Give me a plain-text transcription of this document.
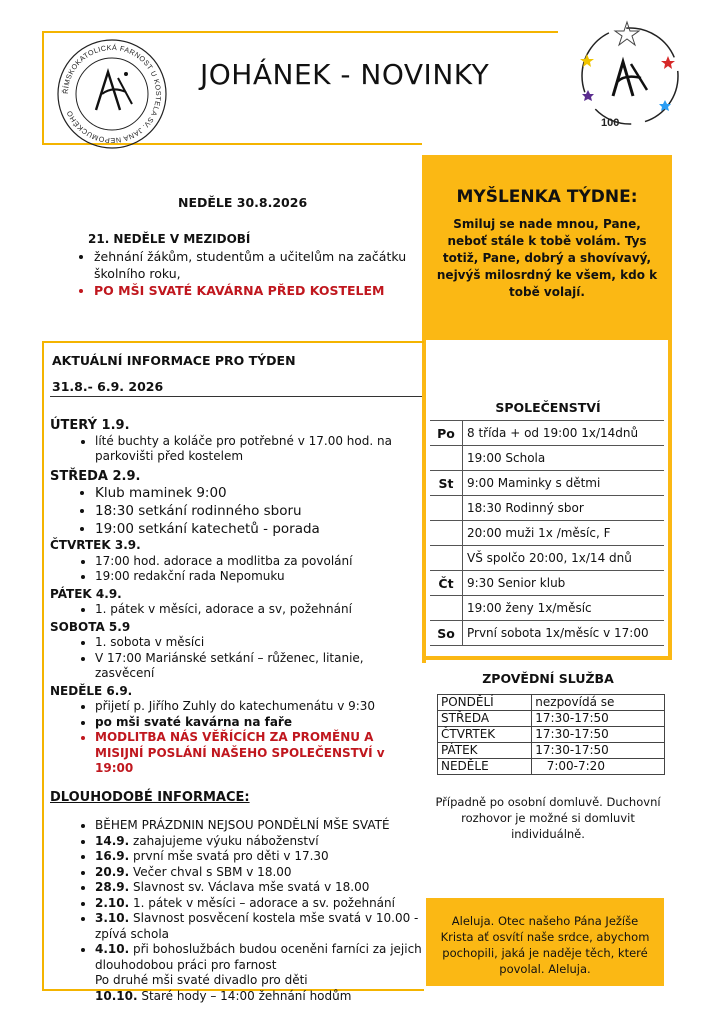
ŘÍMSKOKATOLICKÁ FARNOST U KOSTELA SV. JANA NEPOMUCKÉHO
JOHÁNEK - NOVINKY
100
NEDĚLE 30.8.2026
21. NEDĚLE V MEZIDOBÍ
• žehnání žákům, studentům a učitelům na začátku školního roku,
• PO MŠI SVATÉ KAVÁRNA PŘED KOSTELEM
MYŠLENKA TÝDNE:
Smiluj se nade mnou, Pane, neboť stále k tobě volám. Tys totiž, Pane, dobrý a shovívavý, nejvýš milosrdný ke všem, kdo k tobě volají.
AKTUÁLNÍ INFORMACE PRO TÝDEN
31.8.- 6.9. 2026

ÚTERÝ 1.9.

• líté buchty a koláče pro potřebné v 17.00 hod. na parkovišti před kostelem

STŘEDA 2.9.

• Klub maminek 9:00
• 18:30 setkání rodinného sboru
• 19:00 setkání katechetů - porada

ČTVRTEK 3.9.

• 17:00 hod. adorace a modlitba za povolání
• 19:00 redakční rada Nepomuku

PÁTEK 4.9.

• 1. pátek v měsíci, adorace a sv, požehnání

SOBOTA 5.9

• 1. sobota v měsíci
• V 17:00 Mariánské setkání – růženec, litanie, zasvěcení

NEDĚLE 6.9.

• přijetí p. Jiřího Zuhly do katechumenátu v 9:30
• po mši svaté kavárna na faře
• MODLITBA NÁS VĚŘÍCÍCH ZA PROMĚNU A MISIJNÍ POSLÁNÍ NAŠEHO SPOLEČENSTVÍ v 19:00

DLOUHODOBÉ INFORMACE:

• BĚHEM PRÁZDNIN NEJSOU PONDĚLNÍ MŠE SVATÉ
• 14.9. zahajujeme výuku náboženství
• 16.9. první mše svatá pro děti v 17.30
• 20.9. Večer chval s SBM v 18.00
• 28.9. Slavnost sv. Václava mše svatá v 18.00
• 2.10. 1. pátek v měsíci – adorace a sv. požehnání
• 3.10. Slavnost posvěcení kostela mše svatá v 10.00 - zpívá schola
• 4.10. při bohoslužbách budou oceněni farníci za jejich dlouhodobou práci pro farnost
Po druhé mši svaté divadlo pro děti
10.10. Staré hody – 14:00 žehnání hodům
SPOLEČENSTVÍ
Po	8 třída + od 19:00 1x/14dnů
	19:00 Schola
St	9:00 Maminky s dětmi
	18:30 Rodinný sbor
	20:00 muži 1x /měsíc, F
	VŠ spolčo 20:00, 1x/14 dnů
Čt	9:30 Senior klub
	19:00 ženy 1x/měsíc
So	První sobota 1x/měsíc v 17:00
ZPOVĚDNÍ SLUŽBA
PONDĚLÍ	nezpovídá se
STŘEDA	17:30-17:50
ČTVRTEK	17:30-17:50
PÁTEK	17:30-17:50
NEDĚLE	7:00-7:20
Případně po osobní domluvě. Duchovní rozhovor je možné si domluvit individuálně.
Aleluja. Otec našeho Pána Ježíše Krista ať osvítí naše srdce, abychom pochopili, jaká je naděje těch, které povolal. Aleluja.
